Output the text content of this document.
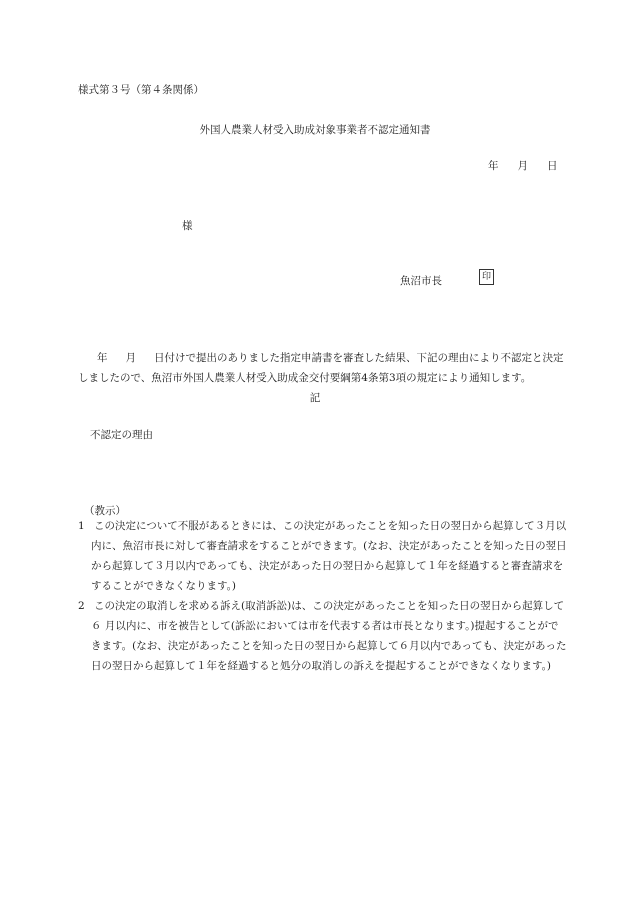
様式第３号（第４条関係）
外国人農業人材受入助成対象事業者不認定通知書
年 月 日
様
魚沼市長	印
年 月 日付けで提出のありました指定申請書を審査した結果、下記の理由により不認定と決定
しましたので、魚沼市外国人農業人材受入助成金交付要綱第4条第3項の規定により通知します。
記
不認定の理由
（教示）
1 この決定について不服があるときには、この決定があったことを知った日の翌日から起算して３月以
内に、魚沼市長に対して審査請求をすることができます。(なお、決定があったことを知った日の翌日
から起算して３月以内であっても、決定があった日の翌日から起算して１年を経過すると審査請求を
することができなくなります。)
2 この決定の取消しを求める訴え(取消訴訟)は、この決定があったことを知った日の翌日から起算して
６ 月以内に、市を被告として(訴訟においては市を代表する者は市長となります。)提起することがで
きます。(なお、決定があったことを知った日の翌日から起算して６月以内であっても、決定があった
日の翌日から起算して１年を経過すると処分の取消しの訴えを提起することができなくなります。)
